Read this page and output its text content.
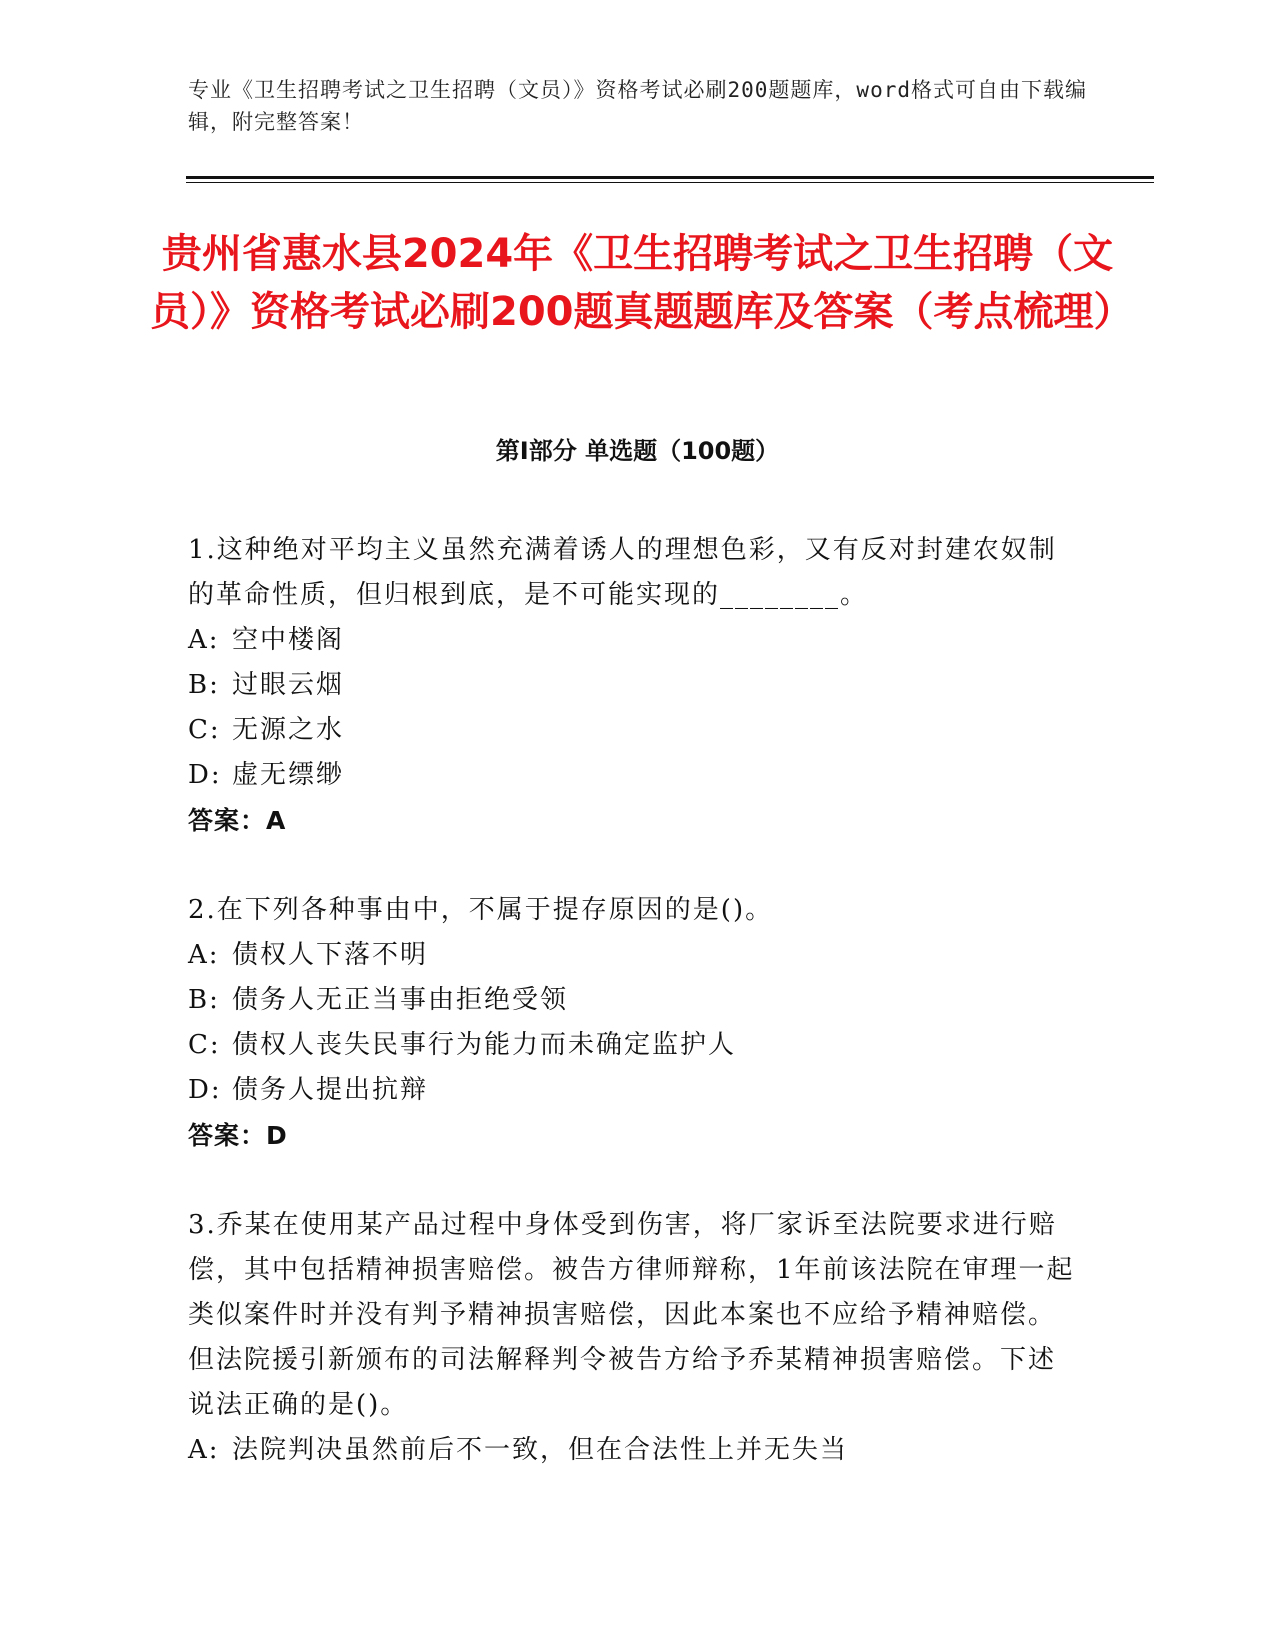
专业《卫生招聘考试之卫生招聘（文员）》资格考试必刷200题题库，word格式可自由下载编辑，附完整答案！
贵州省惠水县2024年《卫生招聘考试之卫生招聘（文员）》资格考试必刷200题真题题库及答案（考点梳理）
第Ⅰ部分 单选题（100题）

1.这种绝对平均主义虽然充满着诱人的理想色彩，又有反对封建农奴制的革命性质，但归根到底，是不可能实现的________。

A: 空中楼阁

B: 过眼云烟

C: 无源之水

D: 虚无缥缈

答案：A

2.在下列各种事由中，不属于提存原因的是()。

A: 债权人下落不明

B: 债务人无正当事由拒绝受领

C: 债权人丧失民事行为能力而未确定监护人

D: 债务人提出抗辩

答案：D

3.乔某在使用某产品过程中身体受到伤害，将厂家诉至法院要求进行赔偿，其中包括精神损害赔偿。被告方律师辩称，1年前该法院在审理一起类似案件时并没有判予精神损害赔偿，因此本案也不应给予精神赔偿。但法院援引新颁布的司法解释判令被告方给予乔某精神损害赔偿。下述说法正确的是()。

A: 法院判决虽然前后不一致，但在合法性上并无失当
